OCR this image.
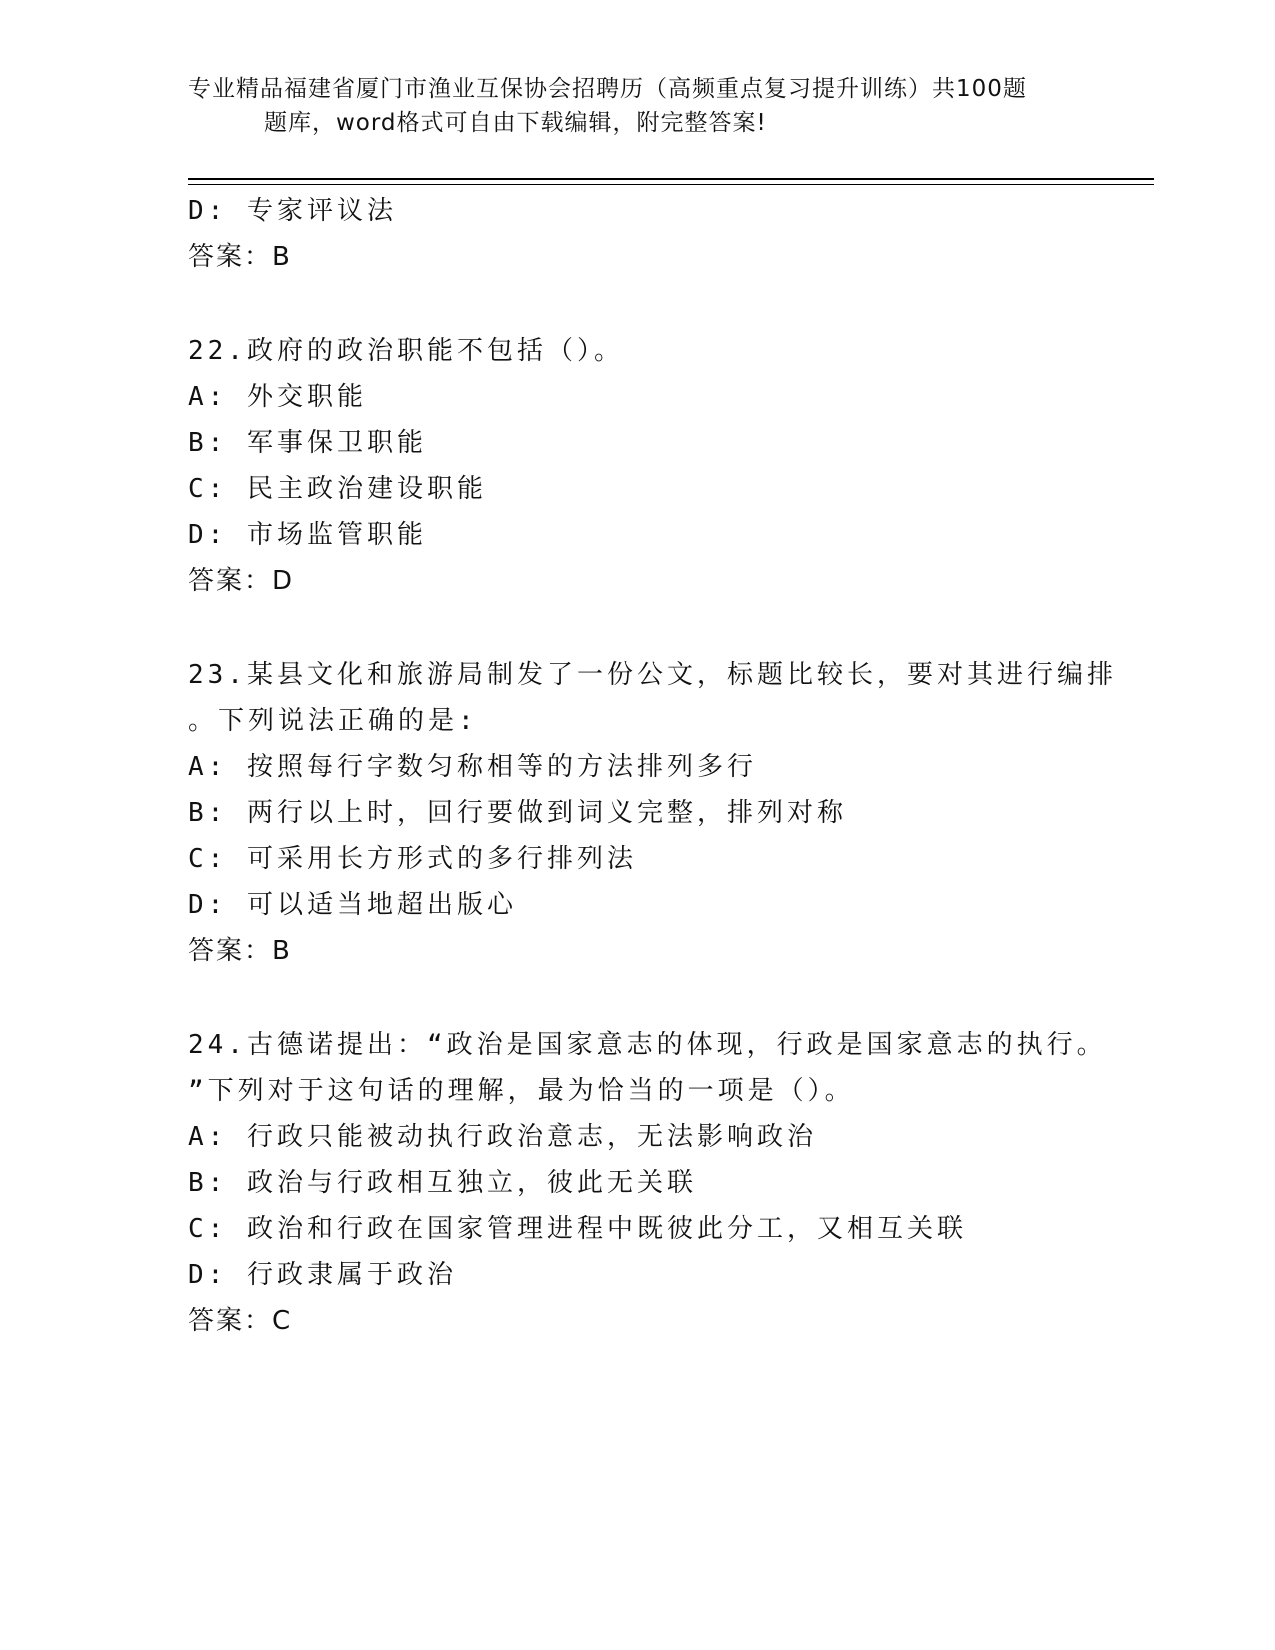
专业精品福建省厦门市渔业互保协会招聘历（高频重点复习提升训练）共100题
题库，word格式可自由下载编辑，附完整答案!
D: 专家评议法
答案：B
22.政府的政治职能不包括（）。
A: 外交职能
B: 军事保卫职能
C: 民主政治建设职能
D: 市场监管职能
答案：D
23.某县文化和旅游局制发了一份公文，标题比较长，要对其进行编排
。下列说法正确的是:
A: 按照每行字数匀称相等的方法排列多行
B: 两行以上时，回行要做到词义完整，排列对称
C: 可采用长方形式的多行排列法
D: 可以适当地超出版心
答案：B
24.古德诺提出：“政治是国家意志的体现，行政是国家意志的执行。
”下列对于这句话的理解，最为恰当的一项是（）。
A: 行政只能被动执行政治意志，无法影响政治
B: 政治与行政相互独立，彼此无关联
C: 政治和行政在国家管理进程中既彼此分工，又相互关联
D: 行政隶属于政治
答案：C
